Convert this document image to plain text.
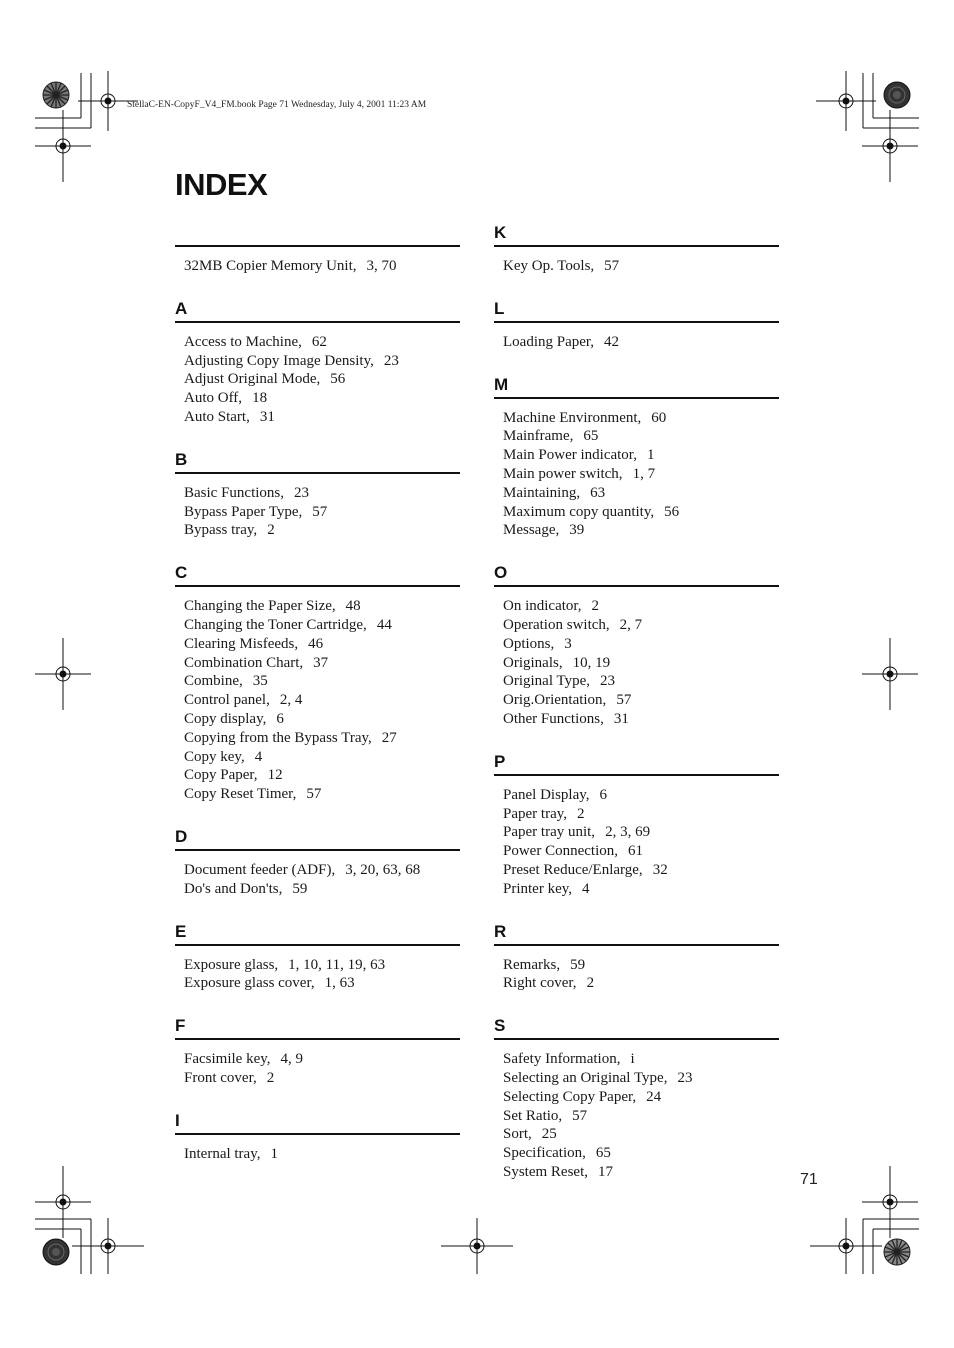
StellaC-EN-CopyF_V4_FM.book Page 71 Wednesday, July 4, 2001 11:23 AM
INDEX
32MB Copier Memory Unit, 3, 70
A
Access to Machine, 62
Adjusting Copy Image Density, 23
Adjust Original Mode, 56
Auto Off, 18
Auto Start, 31
B
Basic Functions, 23
Bypass Paper Type, 57
Bypass tray, 2
C
Changing the Paper Size, 48
Changing the Toner Cartridge, 44
Clearing Misfeeds, 46
Combination Chart, 37
Combine, 35
Control panel, 2, 4
Copy display, 6
Copying from the Bypass Tray, 27
Copy key, 4
Copy Paper, 12
Copy Reset Timer, 57
D
Document feeder (ADF), 3, 20, 63, 68
Do's and Don'ts, 59
E
Exposure glass, 1, 10, 11, 19, 63
Exposure glass cover, 1, 63
F
Facsimile key, 4, 9
Front cover, 2
I
Internal tray, 1
K
Key Op. Tools, 57
L
Loading Paper, 42
M
Machine Environment, 60
Mainframe, 65
Main Power indicator, 1
Main power switch, 1, 7
Maintaining, 63
Maximum copy quantity, 56
Message, 39
O
On indicator, 2
Operation switch, 2, 7
Options, 3
Originals, 10, 19
Original Type, 23
Orig.Orientation, 57
Other Functions, 31
P
Panel Display, 6
Paper tray, 2
Paper tray unit, 2, 3, 69
Power Connection, 61
Preset Reduce/Enlarge, 32
Printer key, 4
R
Remarks, 59
Right cover, 2
S
Safety Information, i
Selecting an Original Type, 23
Selecting Copy Paper, 24
Set Ratio, 57
Sort, 25
Specification, 65
System Reset, 17	71
